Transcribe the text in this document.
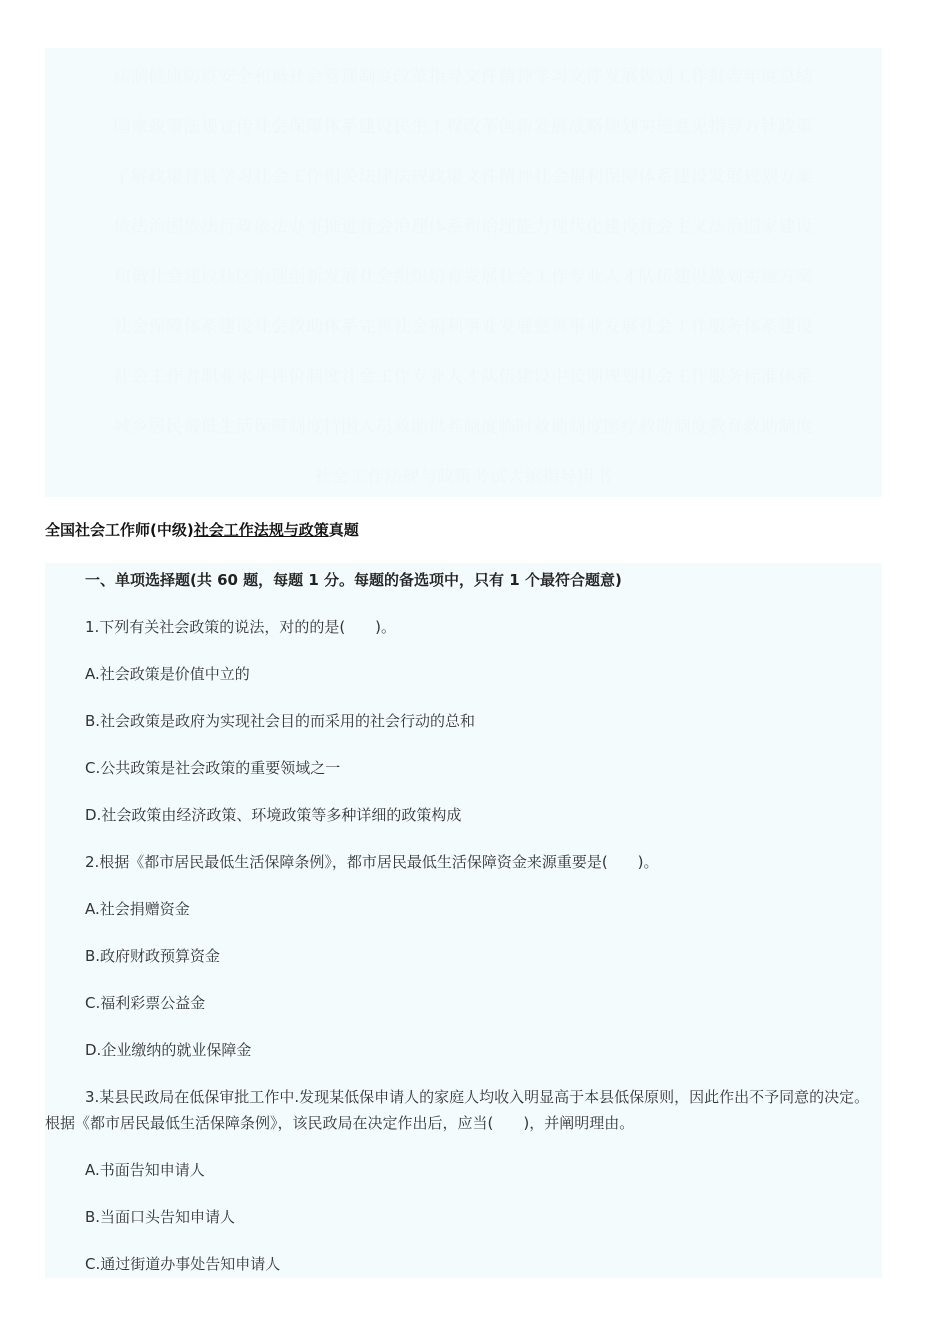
法制健康防疫安全和谐社会管理制度改革指导文件精神学习文件发展规划工作报告年度总结
国家政策法规宣传社会保障体系建设民生工程改革创新发展战略规划实施意见指导方针政策
了解政策背景学习社会工作相关法律法规政策文件精神社会福利保障体系建设发展规划方案
依法治国依法行政依法办事推进社会治理体系和治理能力现代化建设社会主义法治国家建设
和谐社会建设社区治理创新发展社会组织培育发展社会工作专业人才队伍建设规划实施方案
社会保障体系建设社会救助体系完善社会福利事业发展慈善事业发展社会工作服务体系建设
社会工作者职业水平评价制度社会工作专业人才队伍建设中长期规划社会工作服务标准体系
城乡居民最低生活保障制度特困人员救助供养制度临时救助制度医疗救助制度教育救助制度
社会工作法规与政策考试大纲指导用书
全国社会工作师(中级)社会工作法规与政策真题

一、单项选择题(共 60 题，每题 1 分。每题的备选项中，只有 1 个最符合题意)

1.下列有关社会政策的说法，对的的是(　　)。

A.社会政策是价值中立的

B.社会政策是政府为实现社会目的而采用的社会行动的总和

C.公共政策是社会政策的重要领域之一

D.社会政策由经济政策、环境政策等多种详细的政策构成

2.根据《都市居民最低生活保障条例》，都市居民最低生活保障资金来源重要是(　　)。

A.社会捐赠资金

B.政府财政预算资金

C.福利彩票公益金

D.企业缴纳的就业保障金

3.某县民政局在低保审批工作中.发现某低保申请人的家庭人均收入明显高于本县低保原则，因此作出不予同意的决定。根据《都市居民最低生活保障条例》，该民政局在决定作出后，应当(　　)，并阐明理由。

A.书面告知申请人

B.当面口头告知申请人

C.通过街道办事处告知申请人
